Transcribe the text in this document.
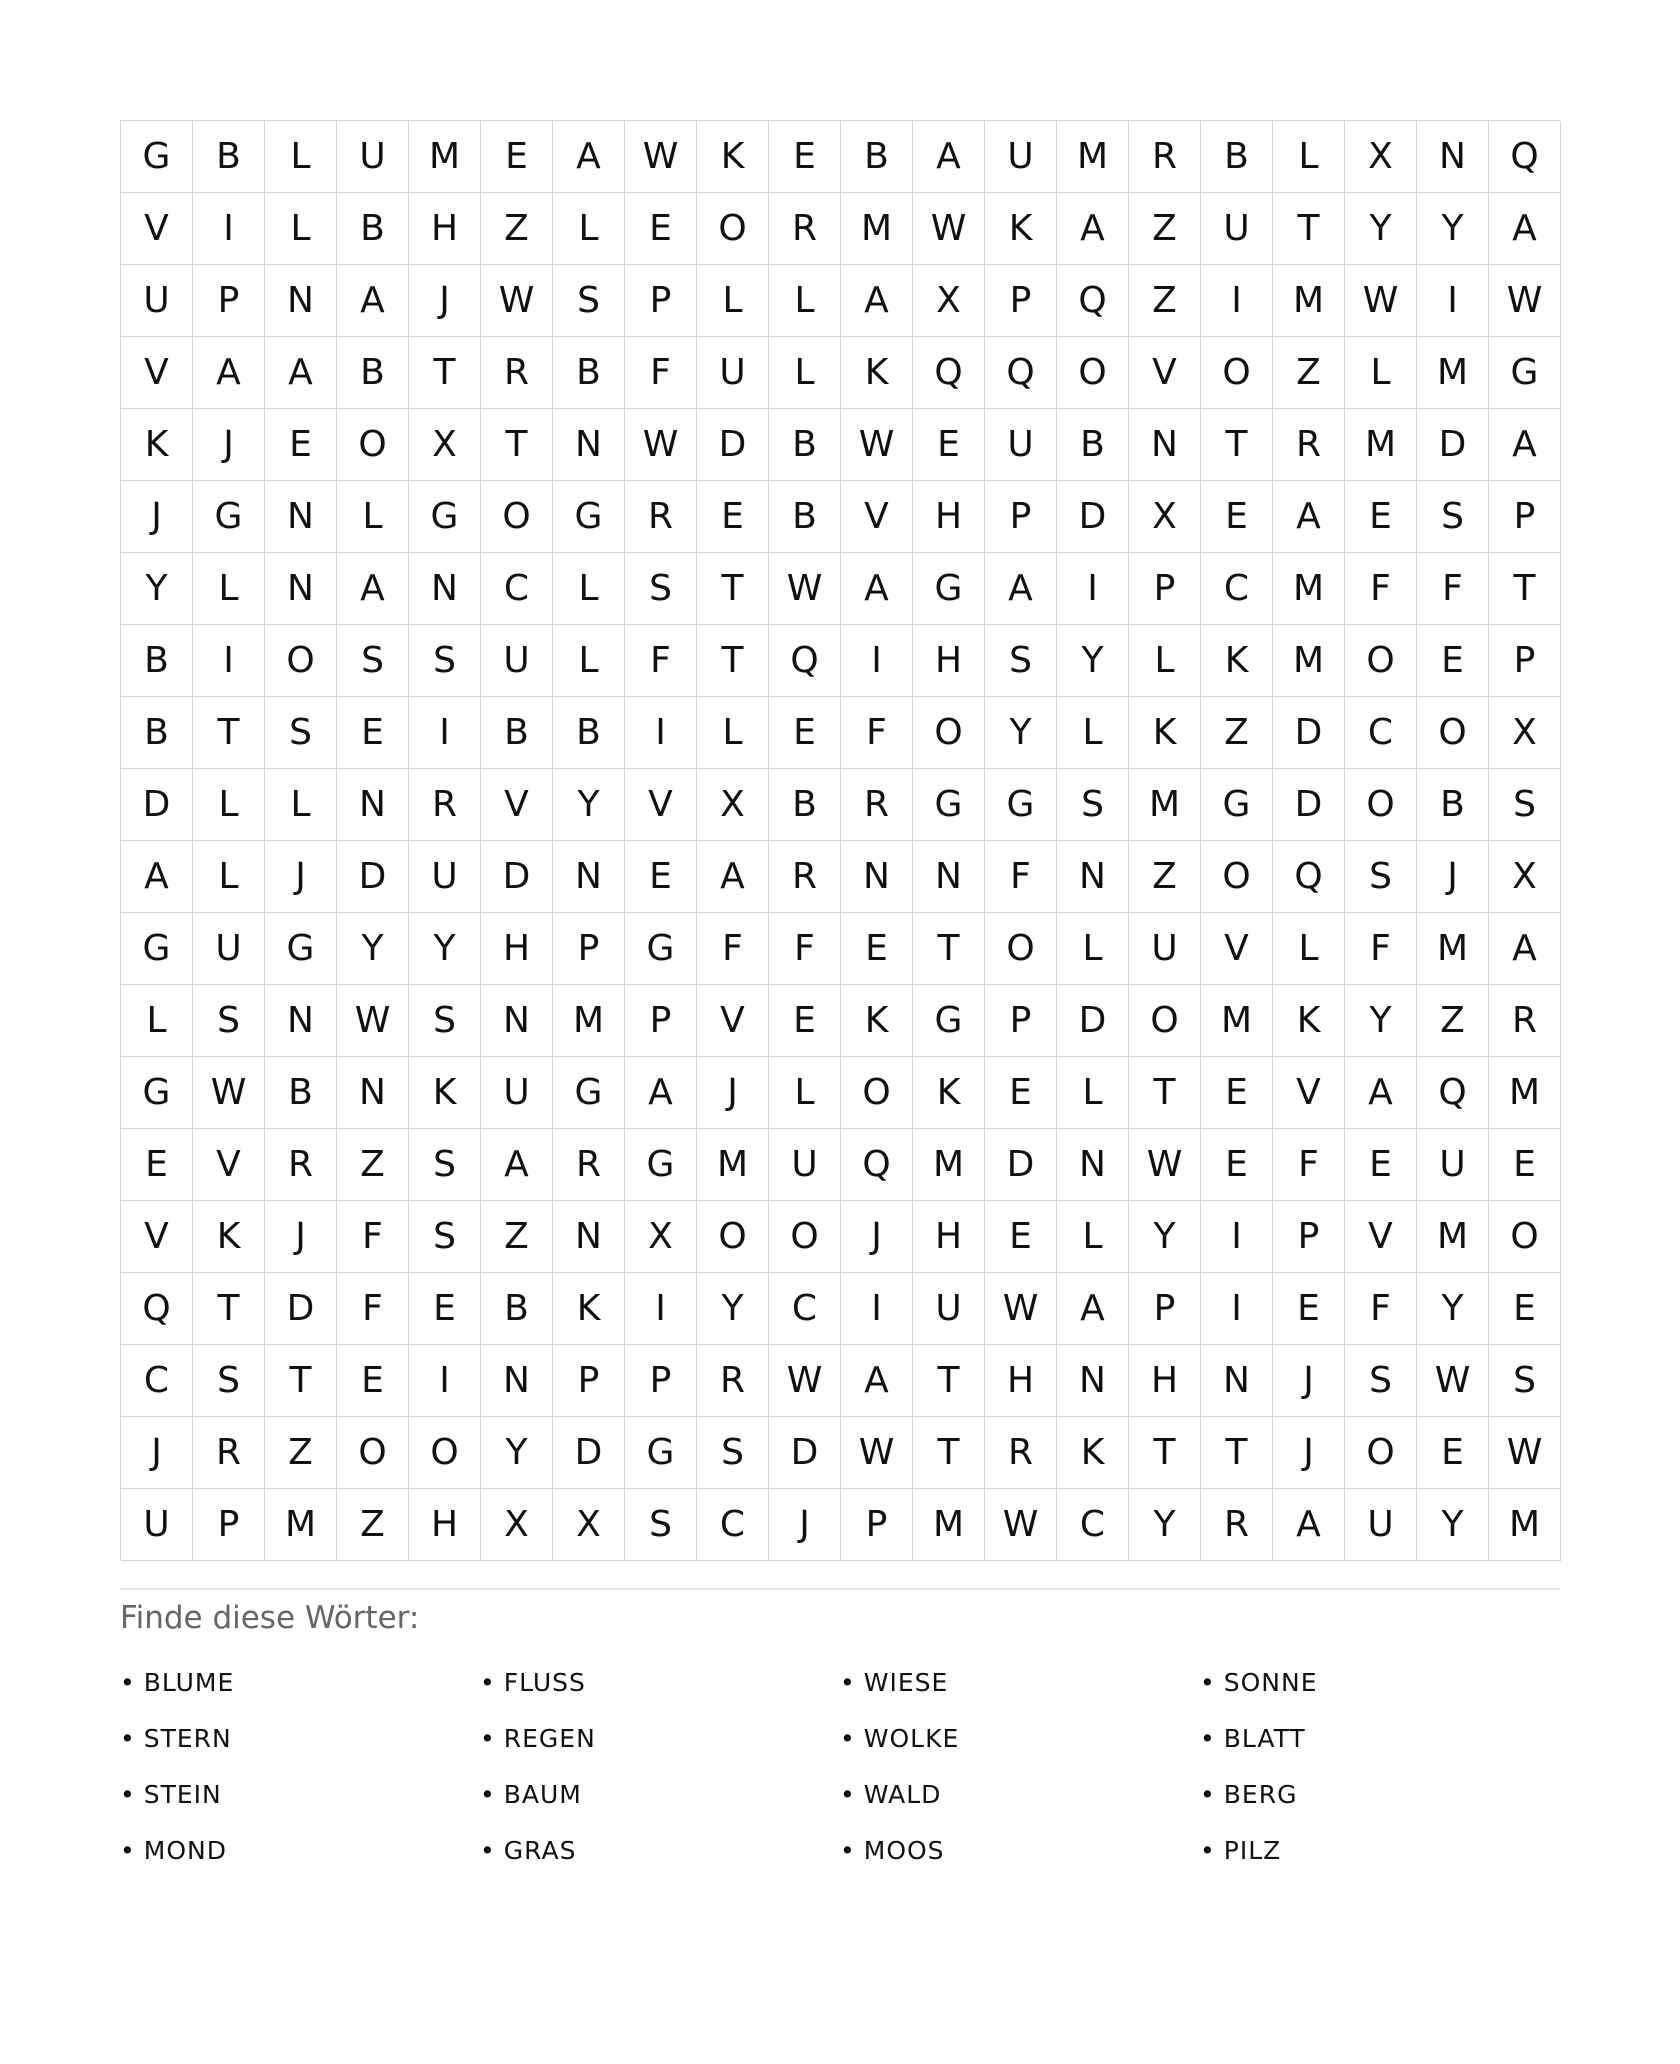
G	B	L	U	M	E	A	W	K	E	B	A	U	M	R	B	L	X	N	Q
V	I	L	B	H	Z	L	E	O	R	M	W	K	A	Z	U	T	Y	Y	A
U	P	N	A	J	W	S	P	L	L	A	X	P	Q	Z	I	M	W	I	W
V	A	A	B	T	R	B	F	U	L	K	Q	Q	O	V	O	Z	L	M	G
K	J	E	O	X	T	N	W	D	B	W	E	U	B	N	T	R	M	D	A
J	G	N	L	G	O	G	R	E	B	V	H	P	D	X	E	A	E	S	P
Y	L	N	A	N	C	L	S	T	W	A	G	A	I	P	C	M	F	F	T
B	I	O	S	S	U	L	F	T	Q	I	H	S	Y	L	K	M	O	E	P
B	T	S	E	I	B	B	I	L	E	F	O	Y	L	K	Z	D	C	O	X
D	L	L	N	R	V	Y	V	X	B	R	G	G	S	M	G	D	O	B	S
A	L	J	D	U	D	N	E	A	R	N	N	F	N	Z	O	Q	S	J	X
G	U	G	Y	Y	H	P	G	F	F	E	T	O	L	U	V	L	F	M	A
L	S	N	W	S	N	M	P	V	E	K	G	P	D	O	M	K	Y	Z	R
G	W	B	N	K	U	G	A	J	L	O	K	E	L	T	E	V	A	Q	M
E	V	R	Z	S	A	R	G	M	U	Q	M	D	N	W	E	F	E	U	E
V	K	J	F	S	Z	N	X	O	O	J	H	E	L	Y	I	P	V	M	O
Q	T	D	F	E	B	K	I	Y	C	I	U	W	A	P	I	E	F	Y	E
C	S	T	E	I	N	P	P	R	W	A	T	H	N	H	N	J	S	W	S
J	R	Z	O	O	Y	D	G	S	D	W	T	R	K	T	T	J	O	E	W
U	P	M	Z	H	X	X	S	C	J	P	M	W	C	Y	R	A	U	Y	M
Finde diese Wörter:
• BLUME	• FLUSS	• WIESE	• SONNE
• STERN	• REGEN	• WOLKE	• BLATT
• STEIN	• BAUM	• WALD	• BERG
• MOND	• GRAS	• MOOS	• PILZ
